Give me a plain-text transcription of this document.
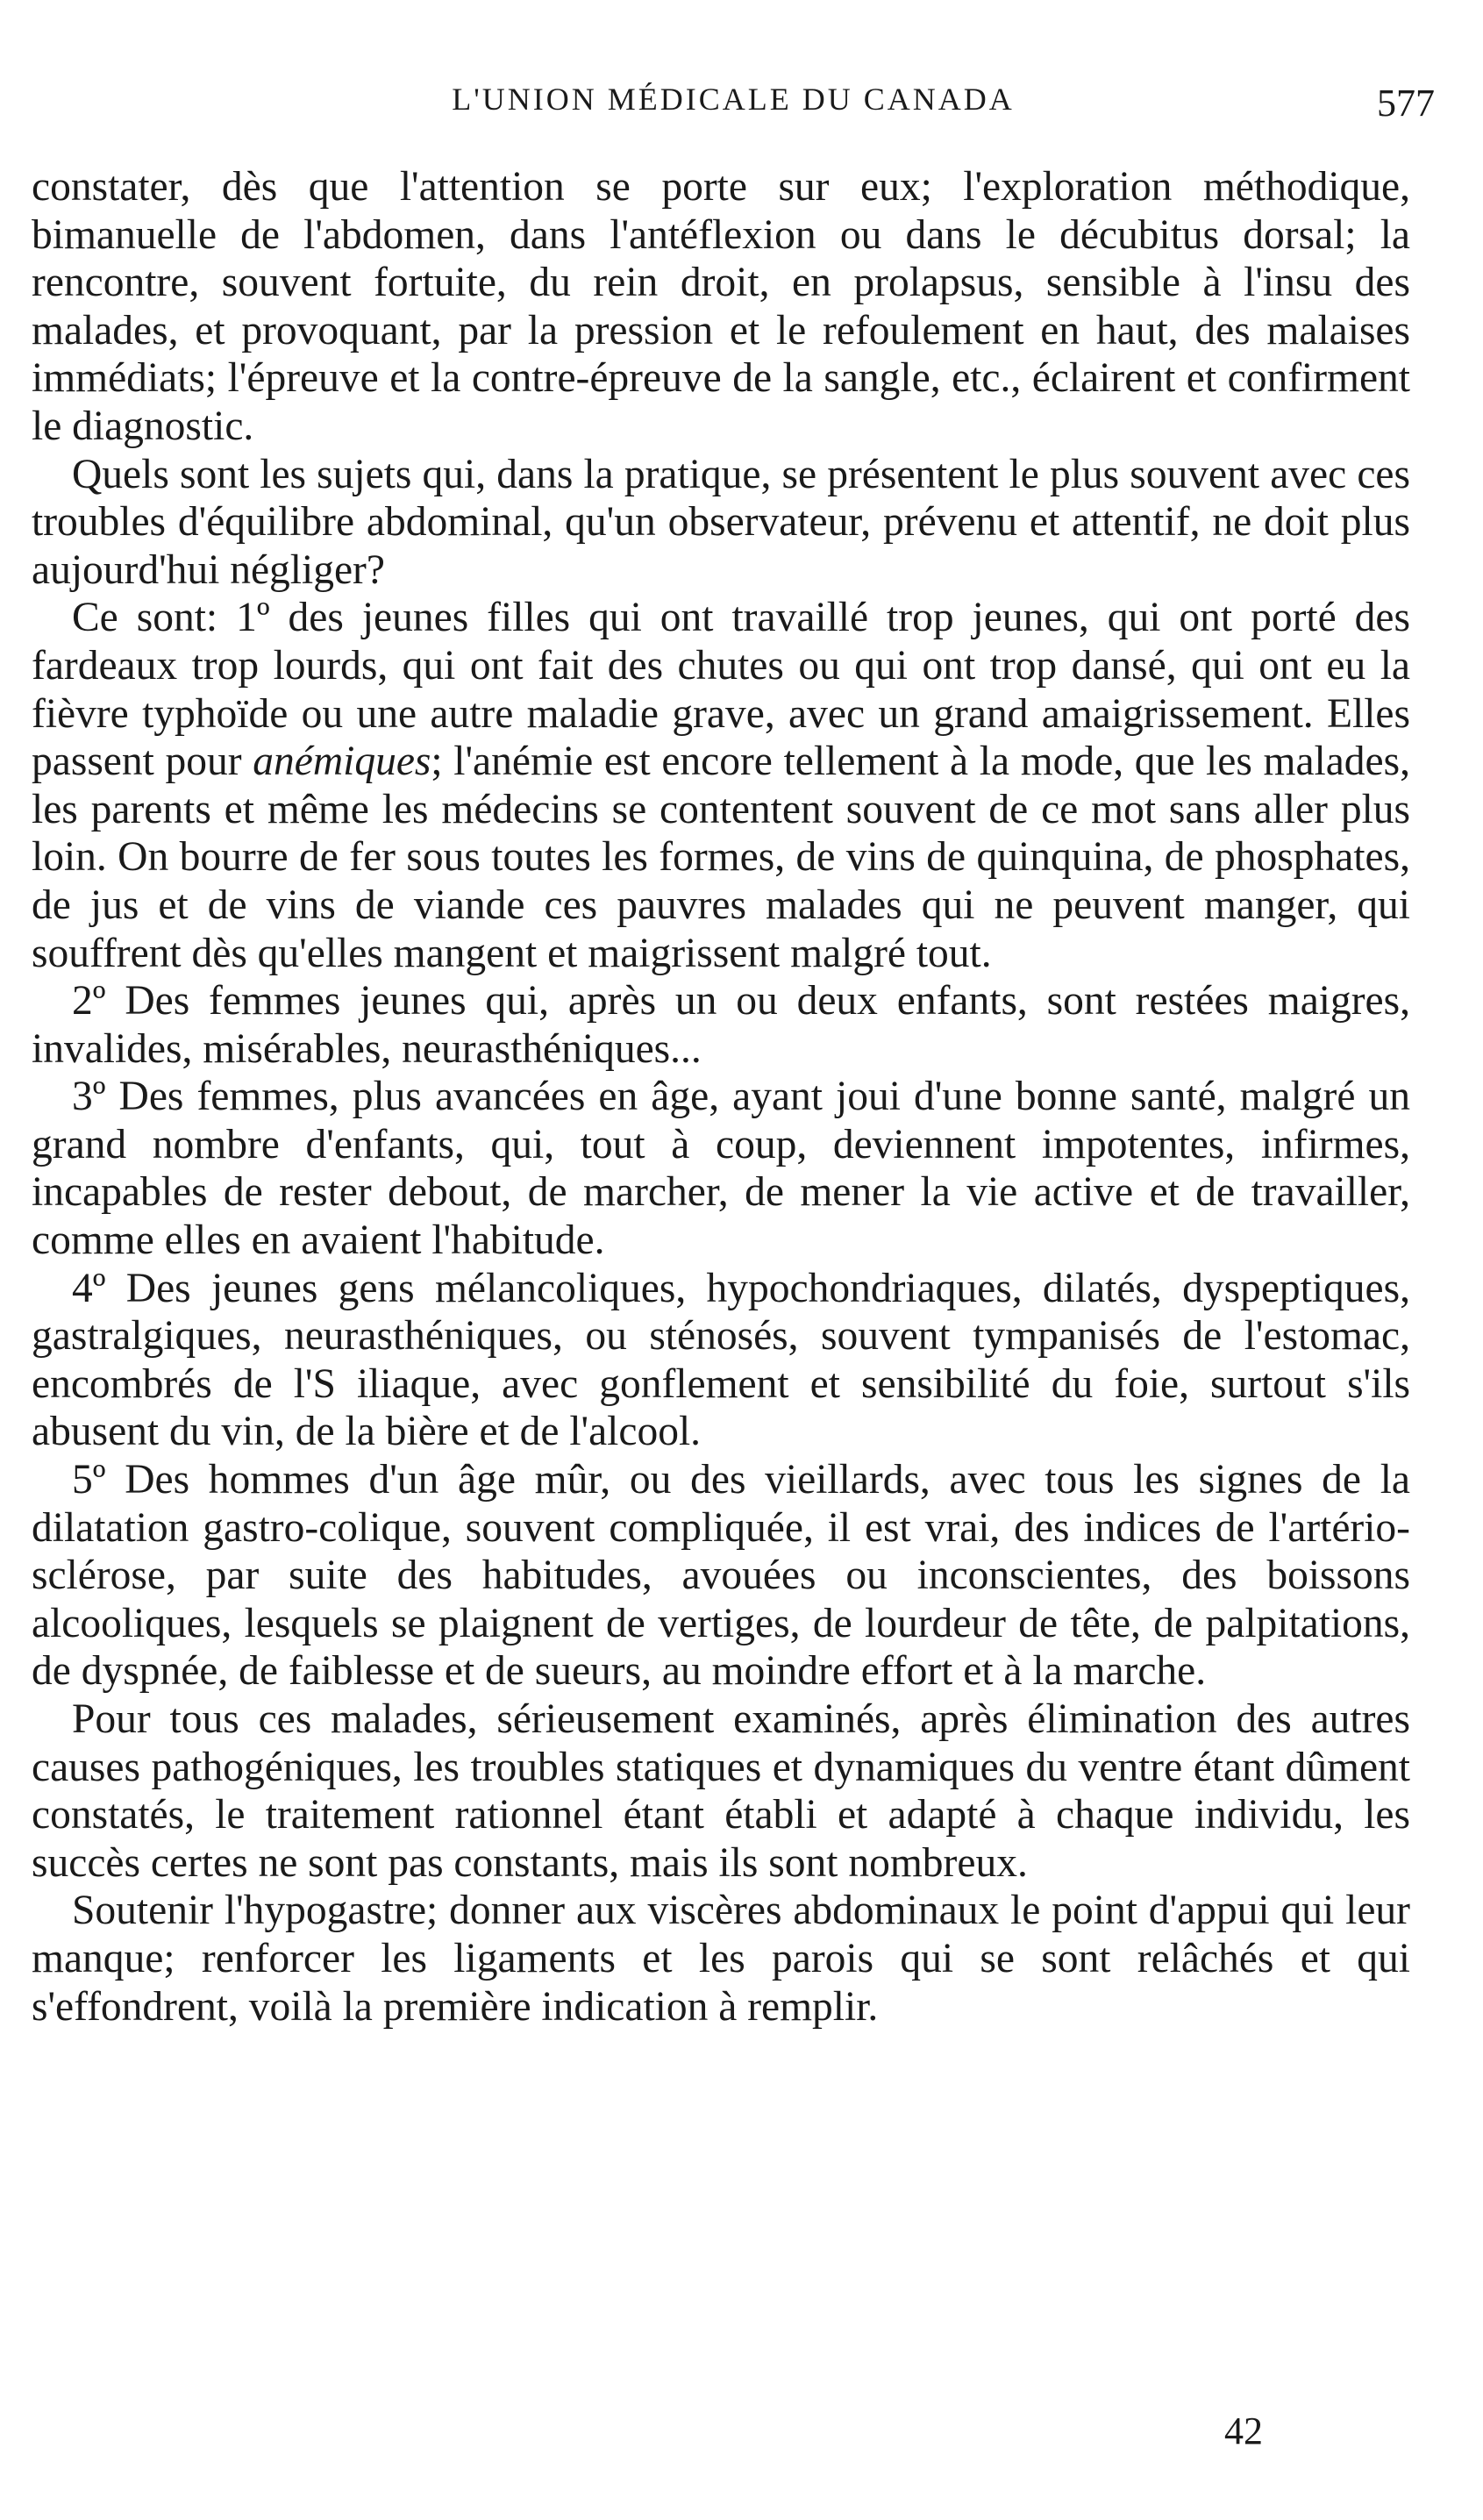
L'UNION MÉDICALE DU CANADA	577

constater, dès que l'attention se porte sur eux; l'exploration méthodique, bimanuelle de l'abdomen, dans l'antéflexion ou dans le décubitus dorsal; la rencontre, souvent fortuite, du rein droit, en prolapsus, sensible à l'insu des malades, et provoquant, par la pression et le refoulement en haut, des malaises immédiats; l'épreuve et la contre-épreuve de la sangle, etc., éclairent et confirment le diagnostic.

Quels sont les sujets qui, dans la pratique, se présentent le plus souvent avec ces troubles d'équilibre abdominal, qu'un observateur, prévenu et attentif, ne doit plus aujourd'hui négliger?

Ce sont: 1º des jeunes filles qui ont travaillé trop jeunes, qui ont porté des fardeaux trop lourds, qui ont fait des chutes ou qui ont trop dansé, qui ont eu la fièvre typhoïde ou une autre maladie grave, avec un grand amaigrissement. Elles passent pour anémiques; l'anémie est encore tellement à la mode, que les malades, les parents et même les médecins se contentent souvent de ce mot sans aller plus loin. On bourre de fer sous toutes les formes, de vins de quinquina, de phosphates, de jus et de vins de viande ces pauvres malades qui ne peuvent manger, qui souffrent dès qu'elles mangent et maigrissent malgré tout.

2º Des femmes jeunes qui, après un ou deux enfants, sont restées maigres, invalides, misérables, neurasthéniques...

3º Des femmes, plus avancées en âge, ayant joui d'une bonne santé, malgré un grand nombre d'enfants, qui, tout à coup, deviennent impotentes, infirmes, incapables de rester debout, de marcher, de mener la vie active et de travailler, comme elles en avaient l'habitude.

4º Des jeunes gens mélancoliques, hypochondriaques, dilatés, dyspeptiques, gastralgiques, neurasthéniques, ou sténosés, souvent tympanisés de l'estomac, encombrés de l'S iliaque, avec gonflement et sensibilité du foie, surtout s'ils abusent du vin, de la bière et de l'alcool.

5º Des hommes d'un âge mûr, ou des vieillards, avec tous les signes de la dilatation gastro-colique, souvent compliquée, il est vrai, des indices de l'artério-sclérose, par suite des habitudes, avouées ou inconscientes, des boissons alcooliques, lesquels se plaignent de vertiges, de lourdeur de tête, de palpitations, de dyspnée, de faiblesse et de sueurs, au moindre effort et à la marche.

Pour tous ces malades, sérieusement examinés, après élimination des autres causes pathogéniques, les troubles statiques et dynamiques du ventre étant dûment constatés, le traitement rationnel étant établi et adapté à chaque individu, les succès certes ne sont pas constants, mais ils sont nombreux.

Soutenir l'hypogastre; donner aux viscères abdominaux le point d'appui qui leur manque; renforcer les ligaments et les parois qui se sont relâchés et qui s'effondrent, voilà la première indication à remplir.

42
